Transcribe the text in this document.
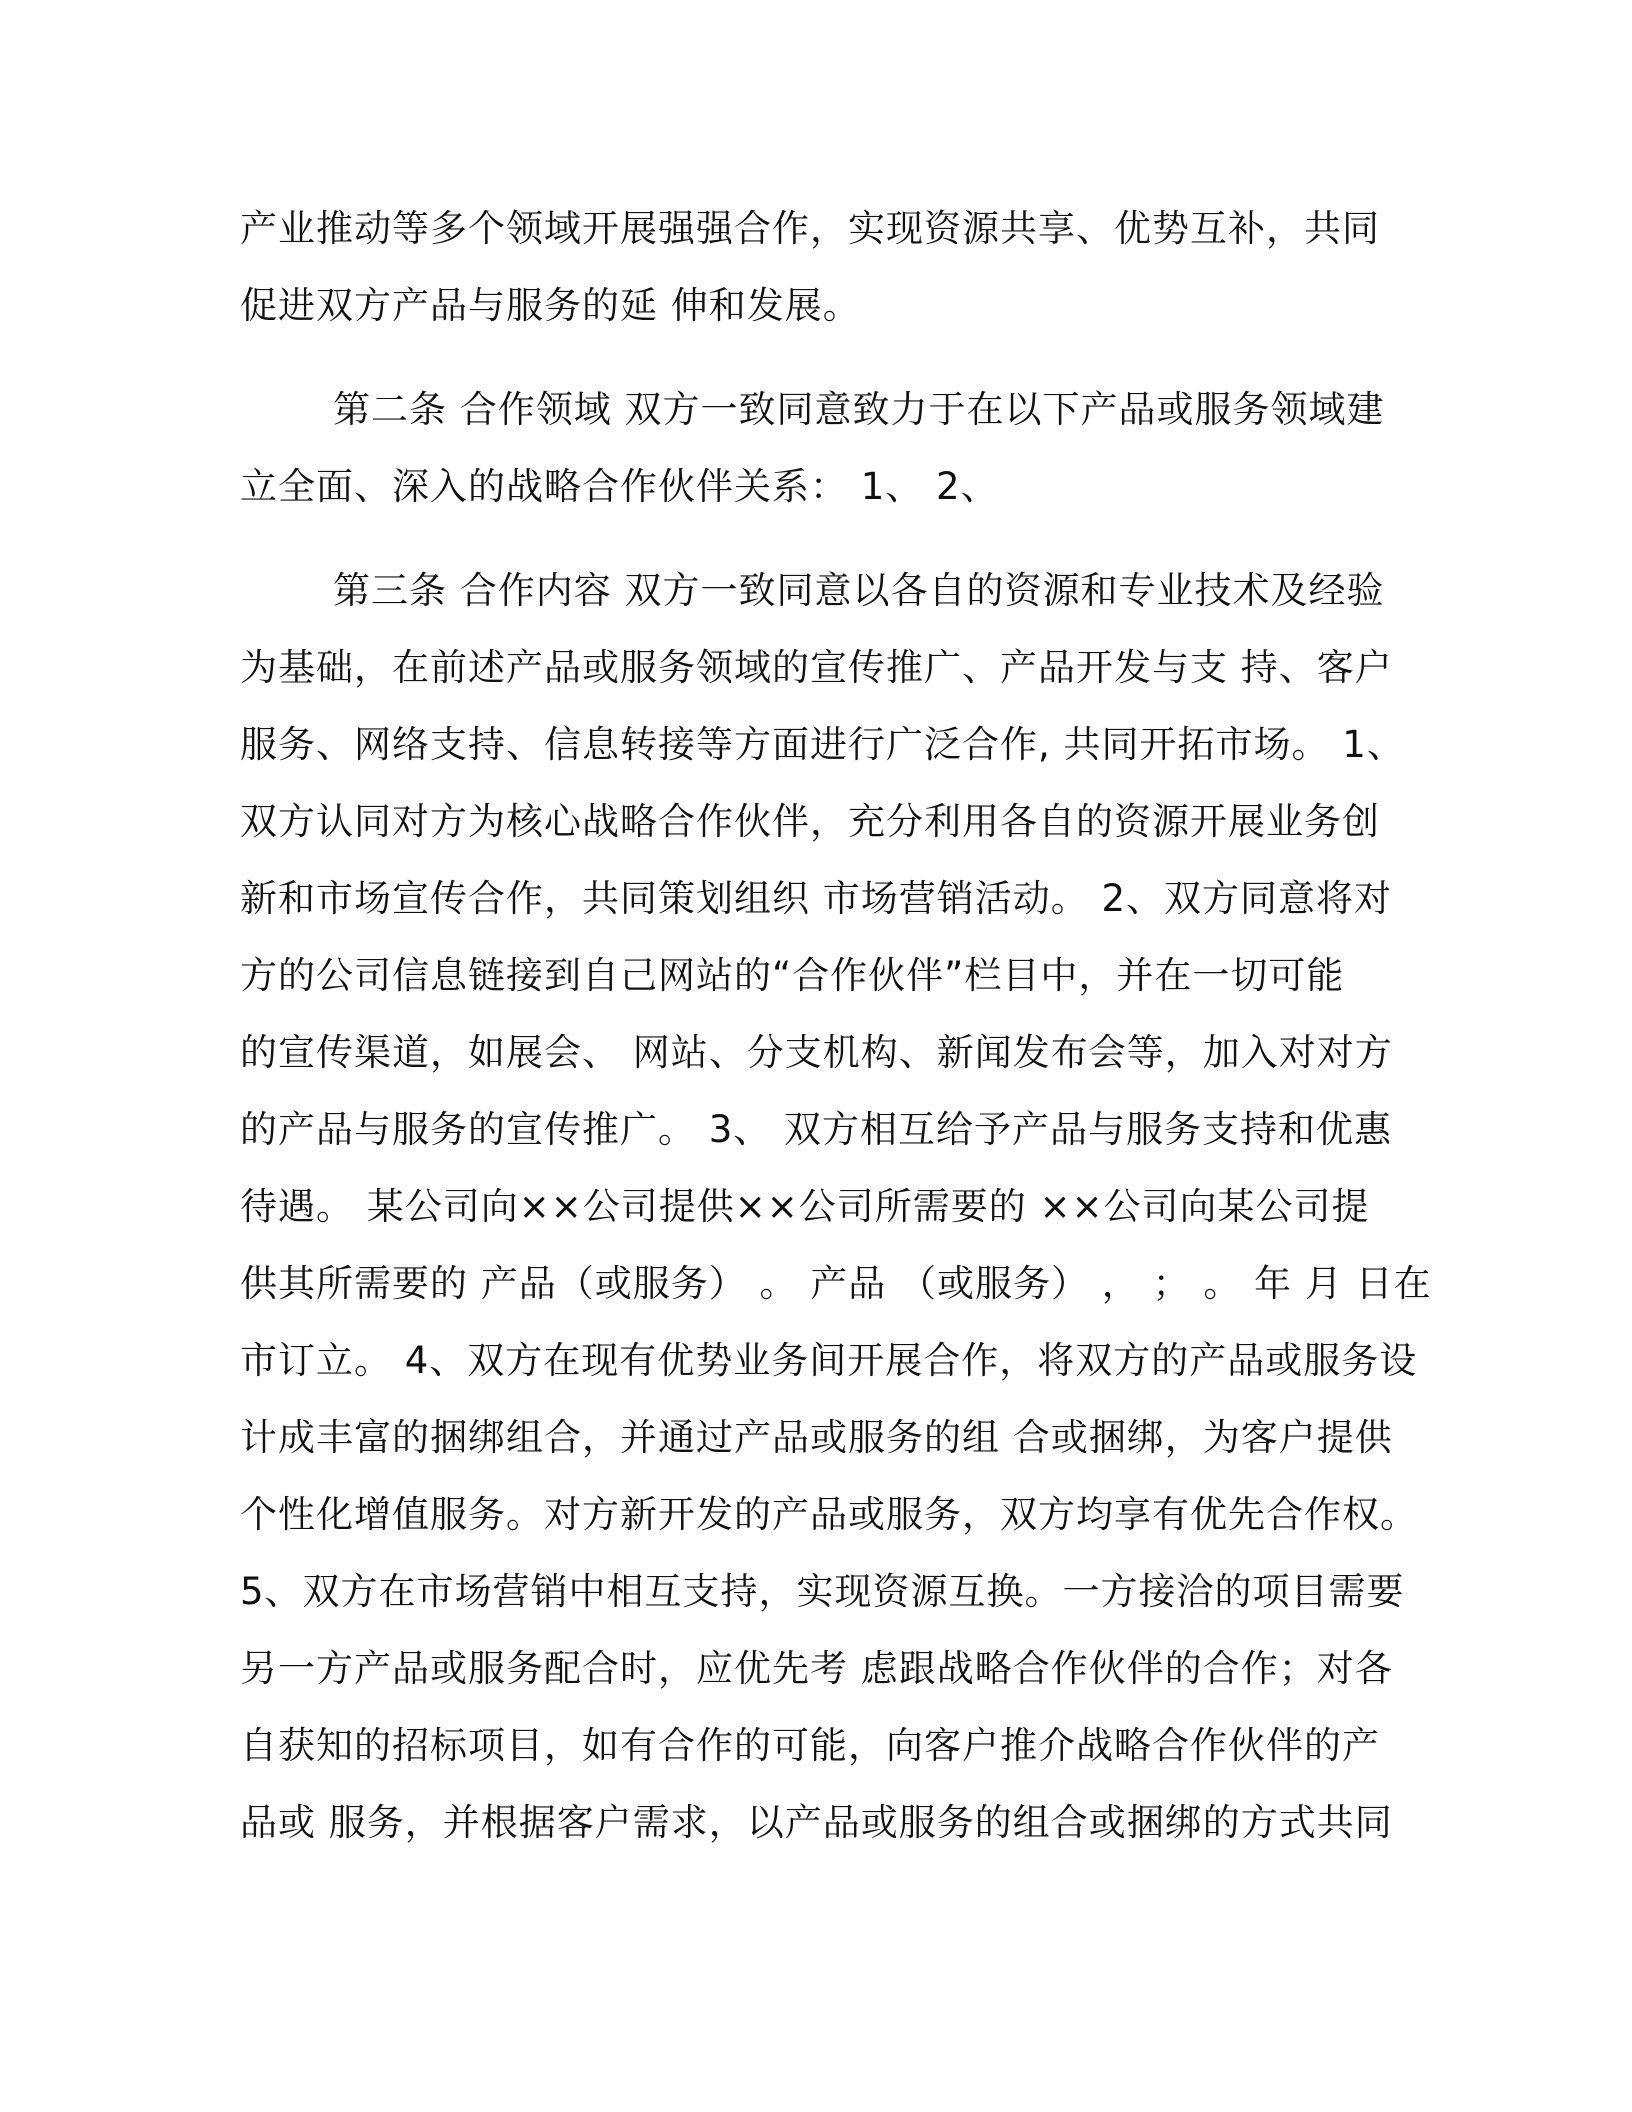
产业推动等多个领域开展强强合作，实现资源共享、优势互补，共同
促进双方产品与服务的延 伸和发展。
第二条 合作领域 双方一致同意致力于在以下产品或服务领域建
立全面、深入的战略合作伙伴关系： 1、 2、
第三条 合作内容 双方一致同意以各自的资源和专业技术及经验
为基础，在前述产品或服务领域的宣传推广、产品开发与支 持、客户
服务、网络支持、信息转接等方面进行广泛合作, 共同开拓市场。 1、
双方认同对方为核心战略合作伙伴，充分利用各自的资源开展业务创
新和市场宣传合作，共同策划组织 市场营销活动。 2、双方同意将对
方的公司信息链接到自己网站的“合作伙伴”栏目中，并在一切可能
的宣传渠道，如展会、 网站、分支机构、新闻发布会等，加入对对方
的产品与服务的宣传推广。 3、 双方相互给予产品与服务支持和优惠
待遇。 某公司向××公司提供××公司所需要的 ××公司向某公司提
供其所需要的 产品（或服务） 。 产品 （或服务） ， ； 。 年 月 日在
市订立。 4、双方在现有优势业务间开展合作，将双方的产品或服务设
计成丰富的捆绑组合，并通过产品或服务的组 合或捆绑，为客户提供
个性化增值服务。对方新开发的产品或服务，双方均享有优先合作权。
5、双方在市场营销中相互支持，实现资源互换。一方接洽的项目需要
另一方产品或服务配合时，应优先考 虑跟战略合作伙伴的合作；对各
自获知的招标项目，如有合作的可能，向客户推介战略合作伙伴的产
品或 服务，并根据客户需求，以产品或服务的组合或捆绑的方式共同
